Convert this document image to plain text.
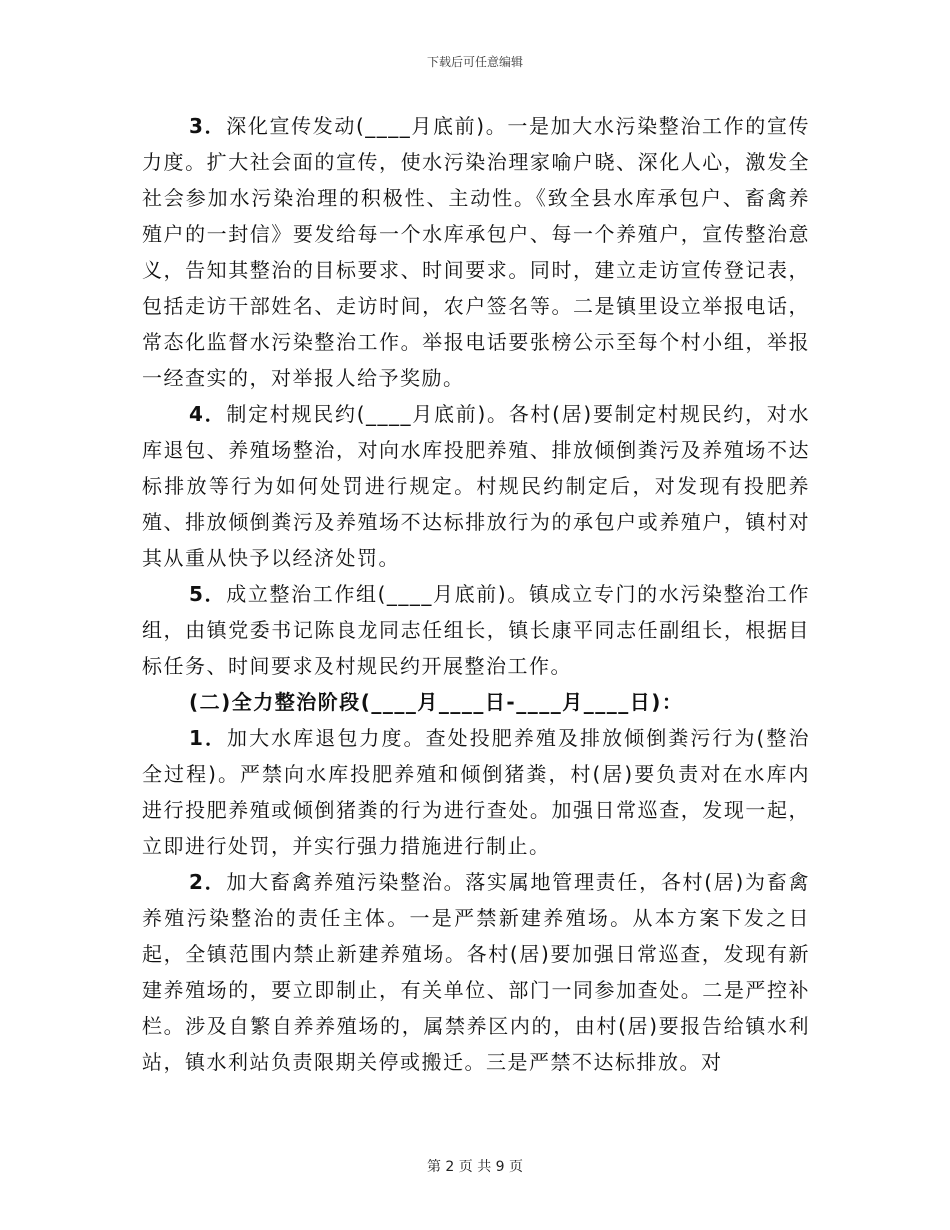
下载后可任意编辑

3．深化宣传发动(____月底前)。一是加大水污染整治工作的宣传力度。扩大社会面的宣传，使水污染治理家喻户晓、深化人心，激发全社会参加水污染治理的积极性、主动性。《致全县水库承包户、畜禽养殖户的一封信》要发给每一个水库承包户、每一个养殖户，宣传整治意义，告知其整治的目标要求、时间要求。同时，建立走访宣传登记表，包括走访干部姓名、走访时间，农户签名等。二是镇里设立举报电话，常态化监督水污染整治工作。举报电话要张榜公示至每个村小组，举报一经查实的，对举报人给予奖励。

4．制定村规民约(____月底前)。各村(居)要制定村规民约，对水库退包、养殖场整治，对向水库投肥养殖、排放倾倒粪污及养殖场不达标排放等行为如何处罚进行规定。村规民约制定后，对发现有投肥养殖、排放倾倒粪污及养殖场不达标排放行为的承包户或养殖户，镇村对其从重从快予以经济处罚。

5．成立整治工作组(____月底前)。镇成立专门的水污染整治工作组，由镇党委书记陈良龙同志任组长，镇长康平同志任副组长，根据目标任务、时间要求及村规民约开展整治工作。

(二)全力整治阶段(____月____日-____月____日)：

1．加大水库退包力度。查处投肥养殖及排放倾倒粪污行为(整治全过程)。严禁向水库投肥养殖和倾倒猪粪，村(居)要负责对在水库内进行投肥养殖或倾倒猪粪的行为进行查处。加强日常巡查，发现一起，立即进行处罚，并实行强力措施进行制止。

2．加大畜禽养殖污染整治。落实属地管理责任，各村(居)为畜禽养殖污染整治的责任主体。一是严禁新建养殖场。从本方案下发之日起，全镇范围内禁止新建养殖场。各村(居)要加强日常巡查，发现有新建养殖场的，要立即制止，有关单位、部门一同参加查处。二是严控补栏。涉及自繁自养养殖场的，属禁养区内的，由村(居)要报告给镇水利站，镇水利站负责限期关停或搬迁。三是严禁不达标排放。对

第 2 页 共 9 页
